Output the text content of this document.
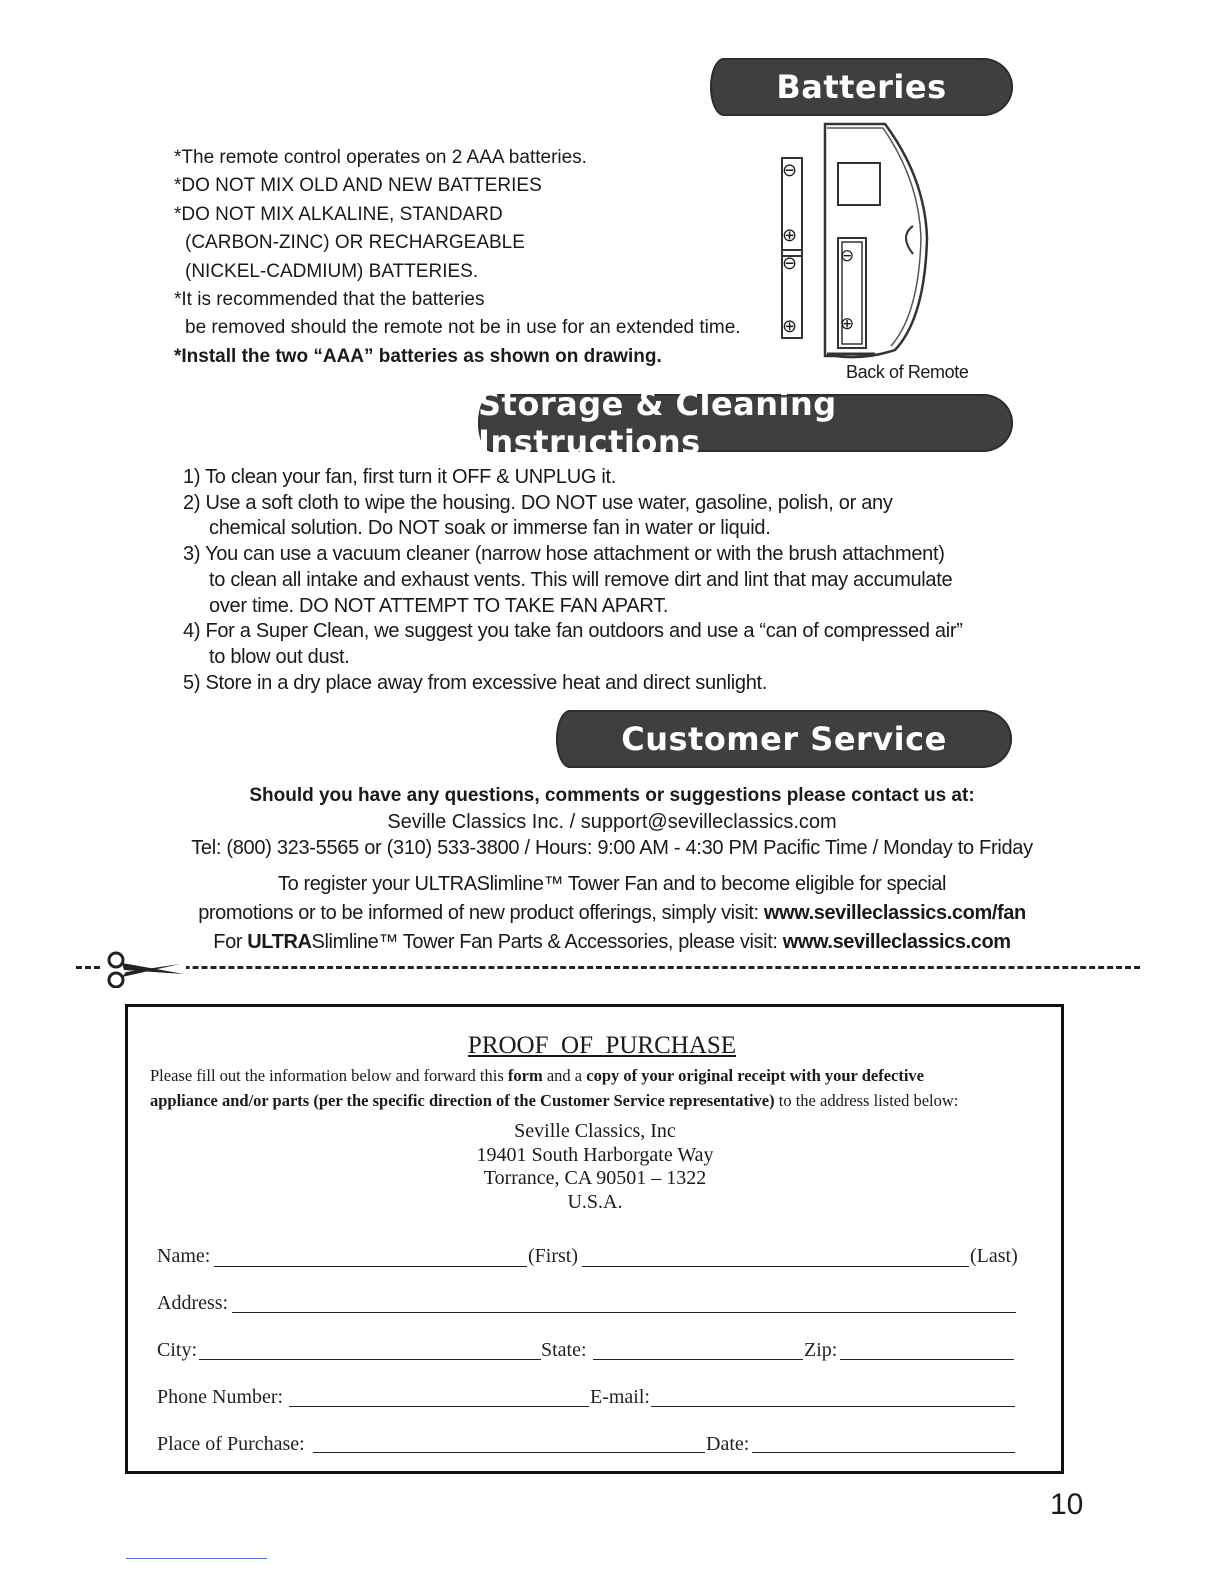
Batteries
*The remote control operates on 2 AAA batteries.
*DO NOT MIX OLD AND NEW BATTERIES
*DO NOT MIX ALKALINE, STANDARD
(CARBON-ZINC) OR RECHARGEABLE
(NICKEL-CADMIUM) BATTERIES.
*It is recommended that the batteries
be removed should the remote not be in use for an extended time.
*Install the two “AAA” batteries as shown on drawing.
⊖
⊕
⊖
⊕
⊖
⊕
Back of Remote
Storage & Cleaning Instructions
1) To clean your fan, first turn it OFF & UNPLUG it.
2) Use a soft cloth to wipe the housing. DO NOT use water, gasoline, polish, or any
chemical solution. Do NOT soak or immerse fan in water or liquid.
3) You can use a vacuum cleaner (narrow hose attachment or with the brush attachment)
to clean all intake and exhaust vents. This will remove dirt and lint that may accumulate
over time. DO NOT ATTEMPT TO TAKE FAN APART.
4) For a Super Clean, we suggest you take fan outdoors and use a “can of compressed air”
to blow out dust.
5) Store in a dry place away from excessive heat and direct sunlight.
Customer Service
Should you have any questions, comments or suggestions please contact us at:
Seville Classics Inc. / support@sevilleclassics.com
Tel: (800) 323-5565 or (310) 533-3800 / Hours: 9:00 AM - 4:30 PM Pacific Time / Monday to Friday
To register your ULTRASlimline™ Tower Fan and to become eligible for special
promotions or to be informed of new product offerings, simply visit: www.sevilleclassics.com/fan
For ULTRASlimline™ Tower Fan Parts & Accessories, please visit: www.sevilleclassics.com
PROOF  OF  PURCHASE
Please fill out the information below and forward this form and a copy of your original receipt with your defective
appliance and/or parts (per the specific direction of the Customer Service representative) to the address listed below:
Seville Classics, Inc
19401 South Harborgate Way
Torrance, CA 90501 – 1322
U.S.A.
Name:	(First)	(Last)
Address:
City:	State:	Zip:
Phone Number:	E-mail:
Place of Purchase:	Date:
10
